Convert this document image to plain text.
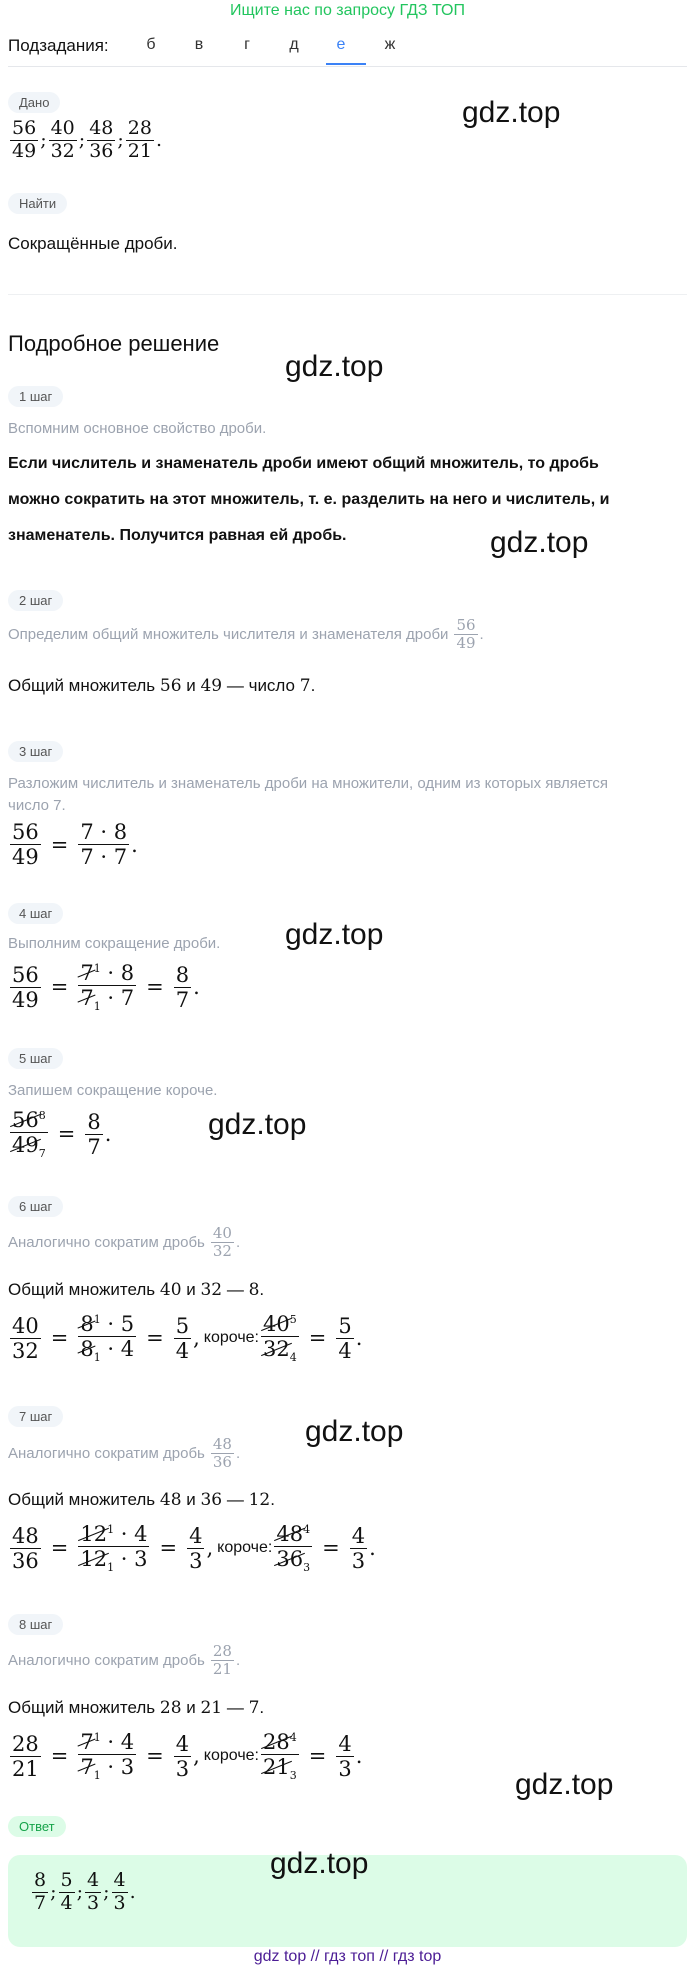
Ищите нас по запросу ГДЗ ТОП
Подзадания:	б	в	г	д	е	ж
Дано
$\frac{56}{49}$ ; $\frac{40}{32}$ ; $\frac{48}{36}$ ; $\frac{28}{21}$ .
gdz.top
Найти
Сокращённые дроби.
Подробное решение
gdz.top
1 шаг
Вспомним основное свойство дроби.
Если числитель и знаменатель дроби имеют общий множитель, то дробь
можно сократить на этот множитель, т. е. разделить на него и числитель, и
знаменатель. Получится равная ей дробь.	gdz.top
2 шаг
Определим общий множитель числителя и знаменателя дроби $\frac{56}{49}$ .
Общий множитель 56 и 49 — число 7.
3 шаг
Разложим числитель и знаменатель дроби на множители, одним из которых является
число 7.
$\frac{56}{49} = \frac{7 \cdot 8}{7 \cdot 7}$ .
4 шаг
Выполним сокращение дроби. gdz.top
$\frac{56}{49} = \frac{7^1 \cdot 8}{7_1 \cdot 7} = \frac{8}{7}$ .
5 шаг
Запишем сокращение короче.
$\frac{56^8}{49_7} = \frac{8}{7}$ .	gdz.top
6 шаг
Аналогично сократим дробь $\frac{40}{32}$ .
Общий множитель 40 и 32 — 8.
$\frac{40}{32} = \frac{8^1 \cdot 5}{8_1 \cdot 4} = \frac{5}{4}$ , короче: $\frac{40^5}{32_4} = \frac{5}{4}$ .
7 шаг	gdz.top
Аналогично сократим дробь $\frac{48}{36}$ .
Общий множитель 48 и 36 — 12.
$\frac{48}{36} = \frac{12^1 \cdot 4}{12_1 \cdot 3} = \frac{4}{3}$ , короче: $\frac{48^4}{36_3} = \frac{4}{3}$ .
8 шаг
Аналогично сократим дробь $\frac{28}{21}$ .
Общий множитель 28 и 21 — 7.
$\frac{28}{21} = \frac{7^1 \cdot 4}{7_1 \cdot 3} = \frac{4}{3}$ , короче: $\frac{28^4}{21_3} = \frac{4}{3}$ .
gdz.top
Ответ
gdz.top
$\frac{8}{7}$ ; $\frac{5}{4}$ ; $\frac{4}{3}$ ; $\frac{4}{3}$ .
gdz top // гдз топ // гдз top
